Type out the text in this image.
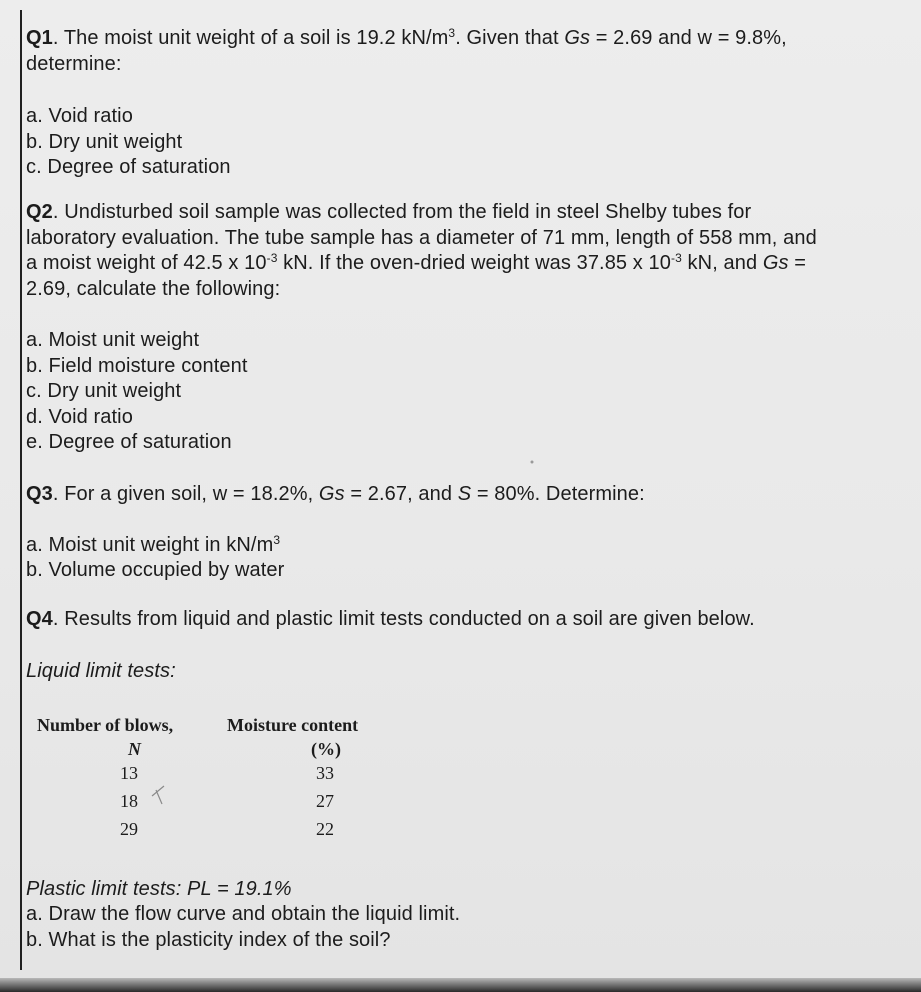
Q1. The moist unit weight of a soil is 19.2 $kN/m^3$. Given that Gs = 2.69 and w = 9.8%,
determine:
a. Void ratio
b. Dry unit weight
c. Degree of saturation
Q2. Undisturbed soil sample was collected from the field in steel Shelby tubes for
laboratory evaluation. The tube sample has a diameter of 71 mm, length of 558 mm, and
a moist weight of 42.5 x $10^{-3}$ kN. If the oven-dried weight was 37.85 x $10^{-3}$ kN, and Gs =
2.69, calculate the following:
a. Moist unit weight
b. Field moisture content
c. Dry unit weight
d. Void ratio
e. Degree of saturation
Q3. For a given soil, w = 18.2%, Gs = 2.67, and S = 80%. Determine:
a. Moist unit weight in $kN/m^3$
b. Volume occupied by water
Q4. Results from liquid and plastic limit tests conducted on a soil are given below.
Liquid limit tests:
Number of blows,	Moisture content
N	(%)
13	33
18	27
29	22
Plastic limit tests: PL = 19.1%
a. Draw the flow curve and obtain the liquid limit.
b. What is the plasticity index of the soil?
